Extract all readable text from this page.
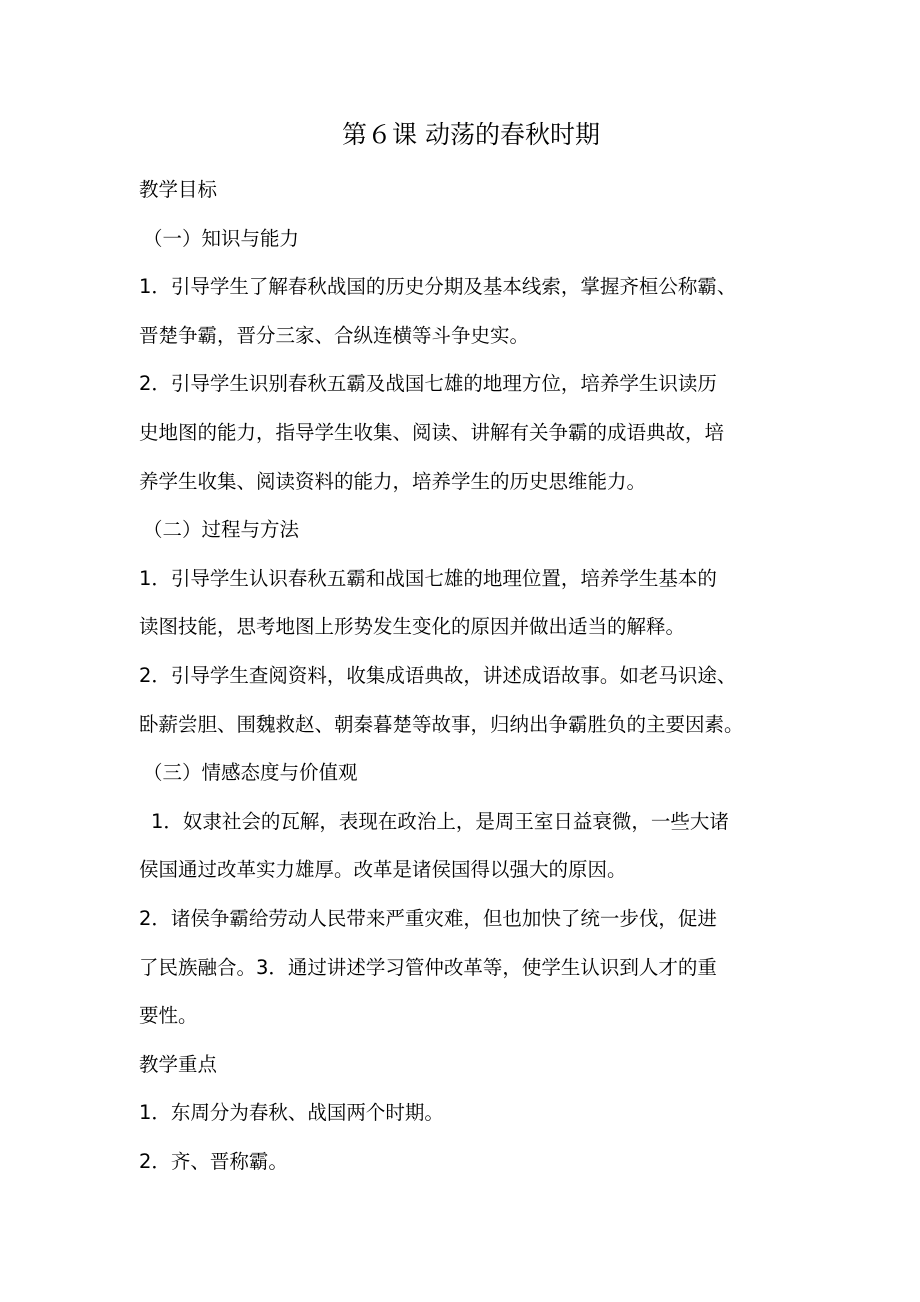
第６课 动荡的春秋时期
教学目标
（一）知识与能力
1．引导学生了解春秋战国的历史分期及基本线索，掌握齐桓公称霸、
晋楚争霸，晋分三家、合纵连横等斗争史实。
2．引导学生识别春秋五霸及战国七雄的地理方位，培养学生识读历
史地图的能力，指导学生收集、阅读、讲解有关争霸的成语典故，培
养学生收集、阅读资料的能力，培养学生的历史思维能力。
（二）过程与方法
1．引导学生认识春秋五霸和战国七雄的地理位置，培养学生基本的
读图技能，思考地图上形势发生变化的原因并做出适当的解释。
2．引导学生查阅资料，收集成语典故，讲述成语故事。如老马识途、
卧薪尝胆、围魏救赵、朝秦暮楚等故事，归纳出争霸胜负的主要因素。
（三）情感态度与价值观
1．奴隶社会的瓦解，表现在政治上，是周王室日益衰微，一些大诸
侯国通过改革实力雄厚。改革是诸侯国得以强大的原因。
2．诸侯争霸给劳动人民带来严重灾难，但也加快了统一步伐，促进
了民族融合。3．通过讲述学习管仲改革等，使学生认识到人才的重
要性。
教学重点
1．东周分为春秋、战国两个时期。
2．齐、晋称霸。
